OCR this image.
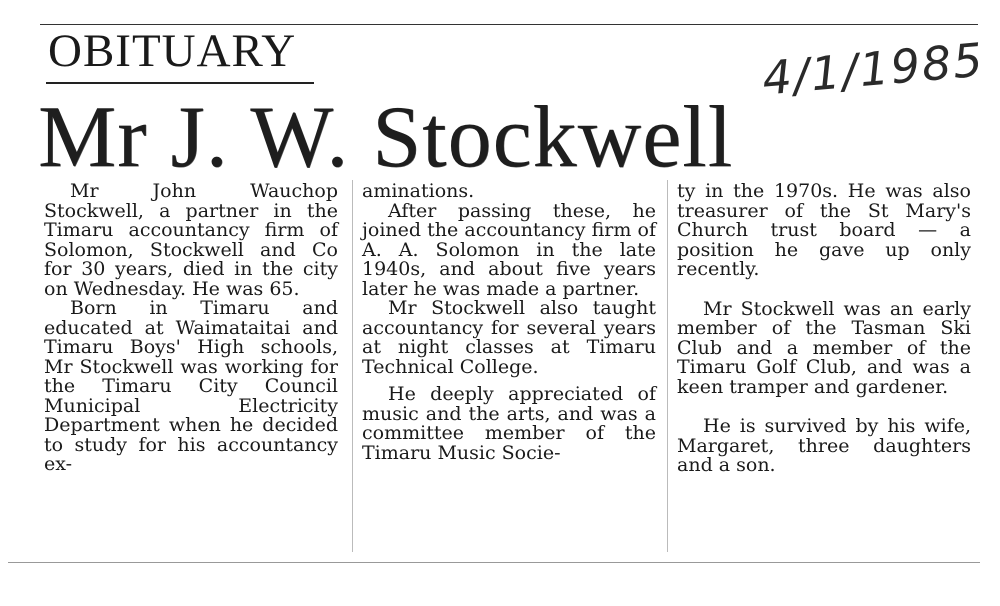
OBITUARY	4/1/1985
Mr J. W. Stockwell

Mr John Wauchop Stockwell, a partner in the Timaru accountancy firm of Solomon, Stockwell and Co for 30 years, died in the city on Wednesday. He was 65.

Born in Timaru and educated at Waimataitai and Timaru Boys' High schools, Mr Stockwell was working for the Timaru City Council Municipal Electricity Department when he decided to study for his accountancy ex-

aminations.

After passing these, he joined the accountancy firm of A. A. Solomon in the late 1940s, and about five years later he was made a partner.

Mr Stockwell also taught accountancy for several years at night classes at Timaru Technical College.

He deeply appreciated of music and the arts, and was a committee member of the Timaru Music Socie-

ty in the 1970s. He was also treasurer of the St Mary's Church trust board — a position he gave up only recently.

Mr Stockwell was an early member of the Tasman Ski Club and a member of the Timaru Golf Club, and was a keen tramper and gardener.

He is survived by his wife, Margaret, three daughters and a son.
